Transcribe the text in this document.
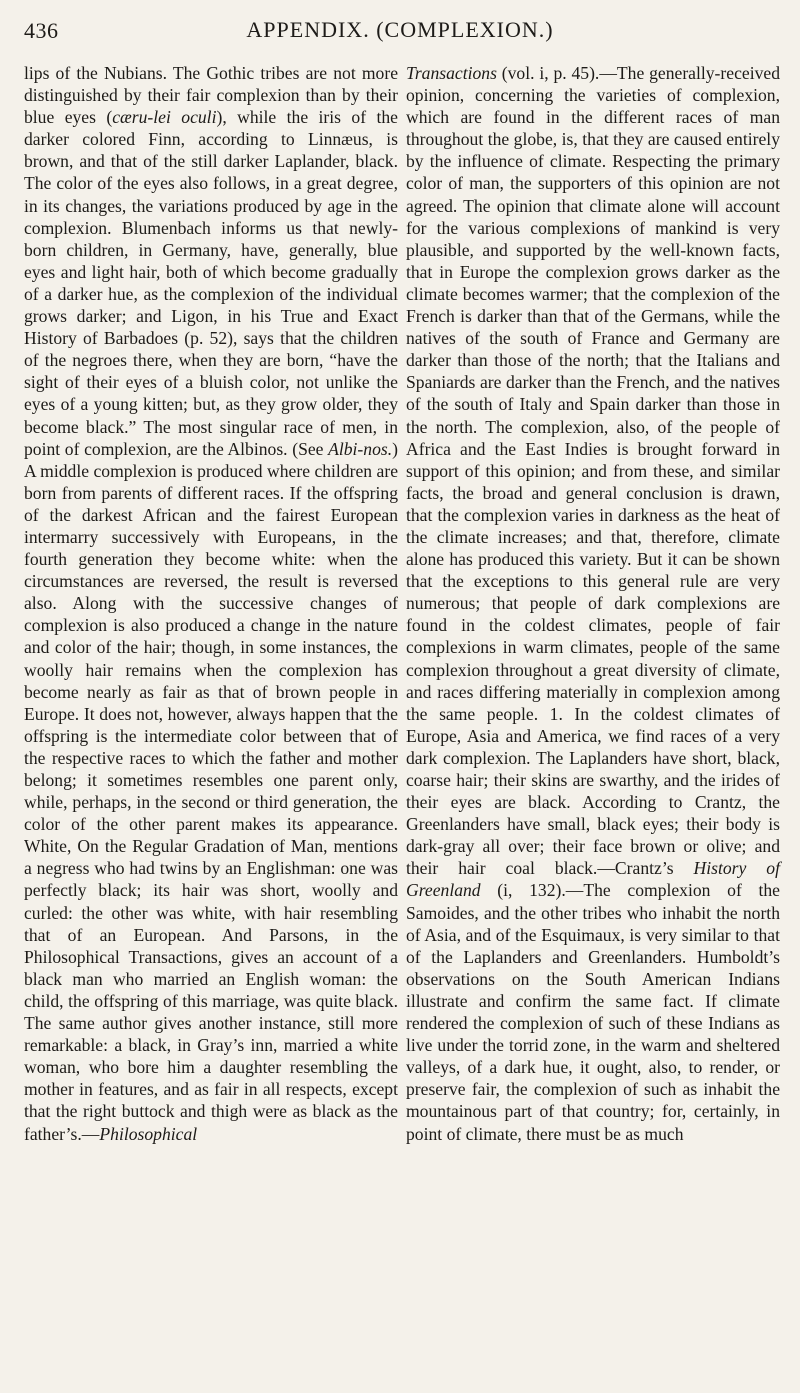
436	APPENDIX. (COMPLEXION.)

lips of the Nubians. The Gothic tribes are not more distinguished by their fair complexion than by their blue eyes (cæru-lei oculi), while the iris of the darker colored Finn, according to Linnæus, is brown, and that of the still darker Laplander, black. The color of the eyes also follows, in a great degree, in its changes, the variations produced by age in the complexion. Blumenbach informs us that newly-born children, in Germany, have, generally, blue eyes and light hair, both of which become gradually of a darker hue, as the complexion of the individual grows darker; and Ligon, in his True and Exact History of Barbadoes (p. 52), says that the children of the negroes there, when they are born, “have the sight of their eyes of a bluish color, not unlike the eyes of a young kitten; but, as they grow older, they become black.” The most singular race of men, in point of complexion, are the Albinos. (See Albi-nos.) A middle complexion is produced where children are born from parents of different races. If the offspring of the darkest African and the fairest European intermarry successively with Europeans, in the fourth generation they become white: when the circumstances are reversed, the result is reversed also. Along with the successive changes of complexion is also produced a change in the nature and color of the hair; though, in some instances, the woolly hair remains when the complexion has become nearly as fair as that of brown people in Europe. It does not, however, always happen that the offspring is the intermediate color between that of the respective races to which the father and mother belong; it sometimes resembles one parent only, while, perhaps, in the second or third generation, the color of the other parent makes its appearance. White, On the Regular Gradation of Man, mentions a negress who had twins by an Englishman: one was perfectly black; its hair was short, woolly and curled: the other was white, with hair resembling that of an European. And Parsons, in the Philosophical Transactions, gives an account of a black man who married an English woman: the child, the offspring of this marriage, was quite black. The same author gives another instance, still more remarkable: a black, in Gray’s inn, married a white woman, who bore him a daughter resembling the mother in features, and as fair in all respects, except that the right buttock and thigh were as black as the father’s.—Philosophical

Transactions (vol. i, p. 45).—The generally-received opinion, concerning the varieties of complexion, which are found in the different races of man throughout the globe, is, that they are caused entirely by the influence of climate. Respecting the primary color of man, the supporters of this opinion are not agreed. The opinion that climate alone will account for the various complexions of mankind is very plausible, and supported by the well-known facts, that in Europe the complexion grows darker as the climate becomes warmer; that the complexion of the French is darker than that of the Germans, while the natives of the south of France and Germany are darker than those of the north; that the Italians and Spaniards are darker than the French, and the natives of the south of Italy and Spain darker than those in the north. The complexion, also, of the people of Africa and the East Indies is brought forward in support of this opinion; and from these, and similar facts, the broad and general conclusion is drawn, that the complexion varies in darkness as the heat of the climate increases; and that, therefore, climate alone has produced this variety. But it can be shown that the exceptions to this general rule are very numerous; that people of dark complexions are found in the coldest climates, people of fair complexions in warm climates, people of the same complexion throughout a great diversity of climate, and races differing materially in complexion among the same people. 1. In the coldest climates of Europe, Asia and America, we find races of a very dark complexion. The Laplanders have short, black, coarse hair; their skins are swarthy, and the irides of their eyes are black. According to Crantz, the Greenlanders have small, black eyes; their body is dark-gray all over; their face brown or olive; and their hair coal black.—Crantz’s History of Greenland (i, 132).—The complexion of the Samoides, and the other tribes who inhabit the north of Asia, and of the Esquimaux, is very similar to that of the Laplanders and Greenlanders. Humboldt’s observations on the South American Indians illustrate and confirm the same fact. If climate rendered the complexion of such of these Indians as live under the torrid zone, in the warm and sheltered valleys, of a dark hue, it ought, also, to render, or preserve fair, the complexion of such as inhabit the mountainous part of that country; for, certainly, in point of climate, there must be as much
